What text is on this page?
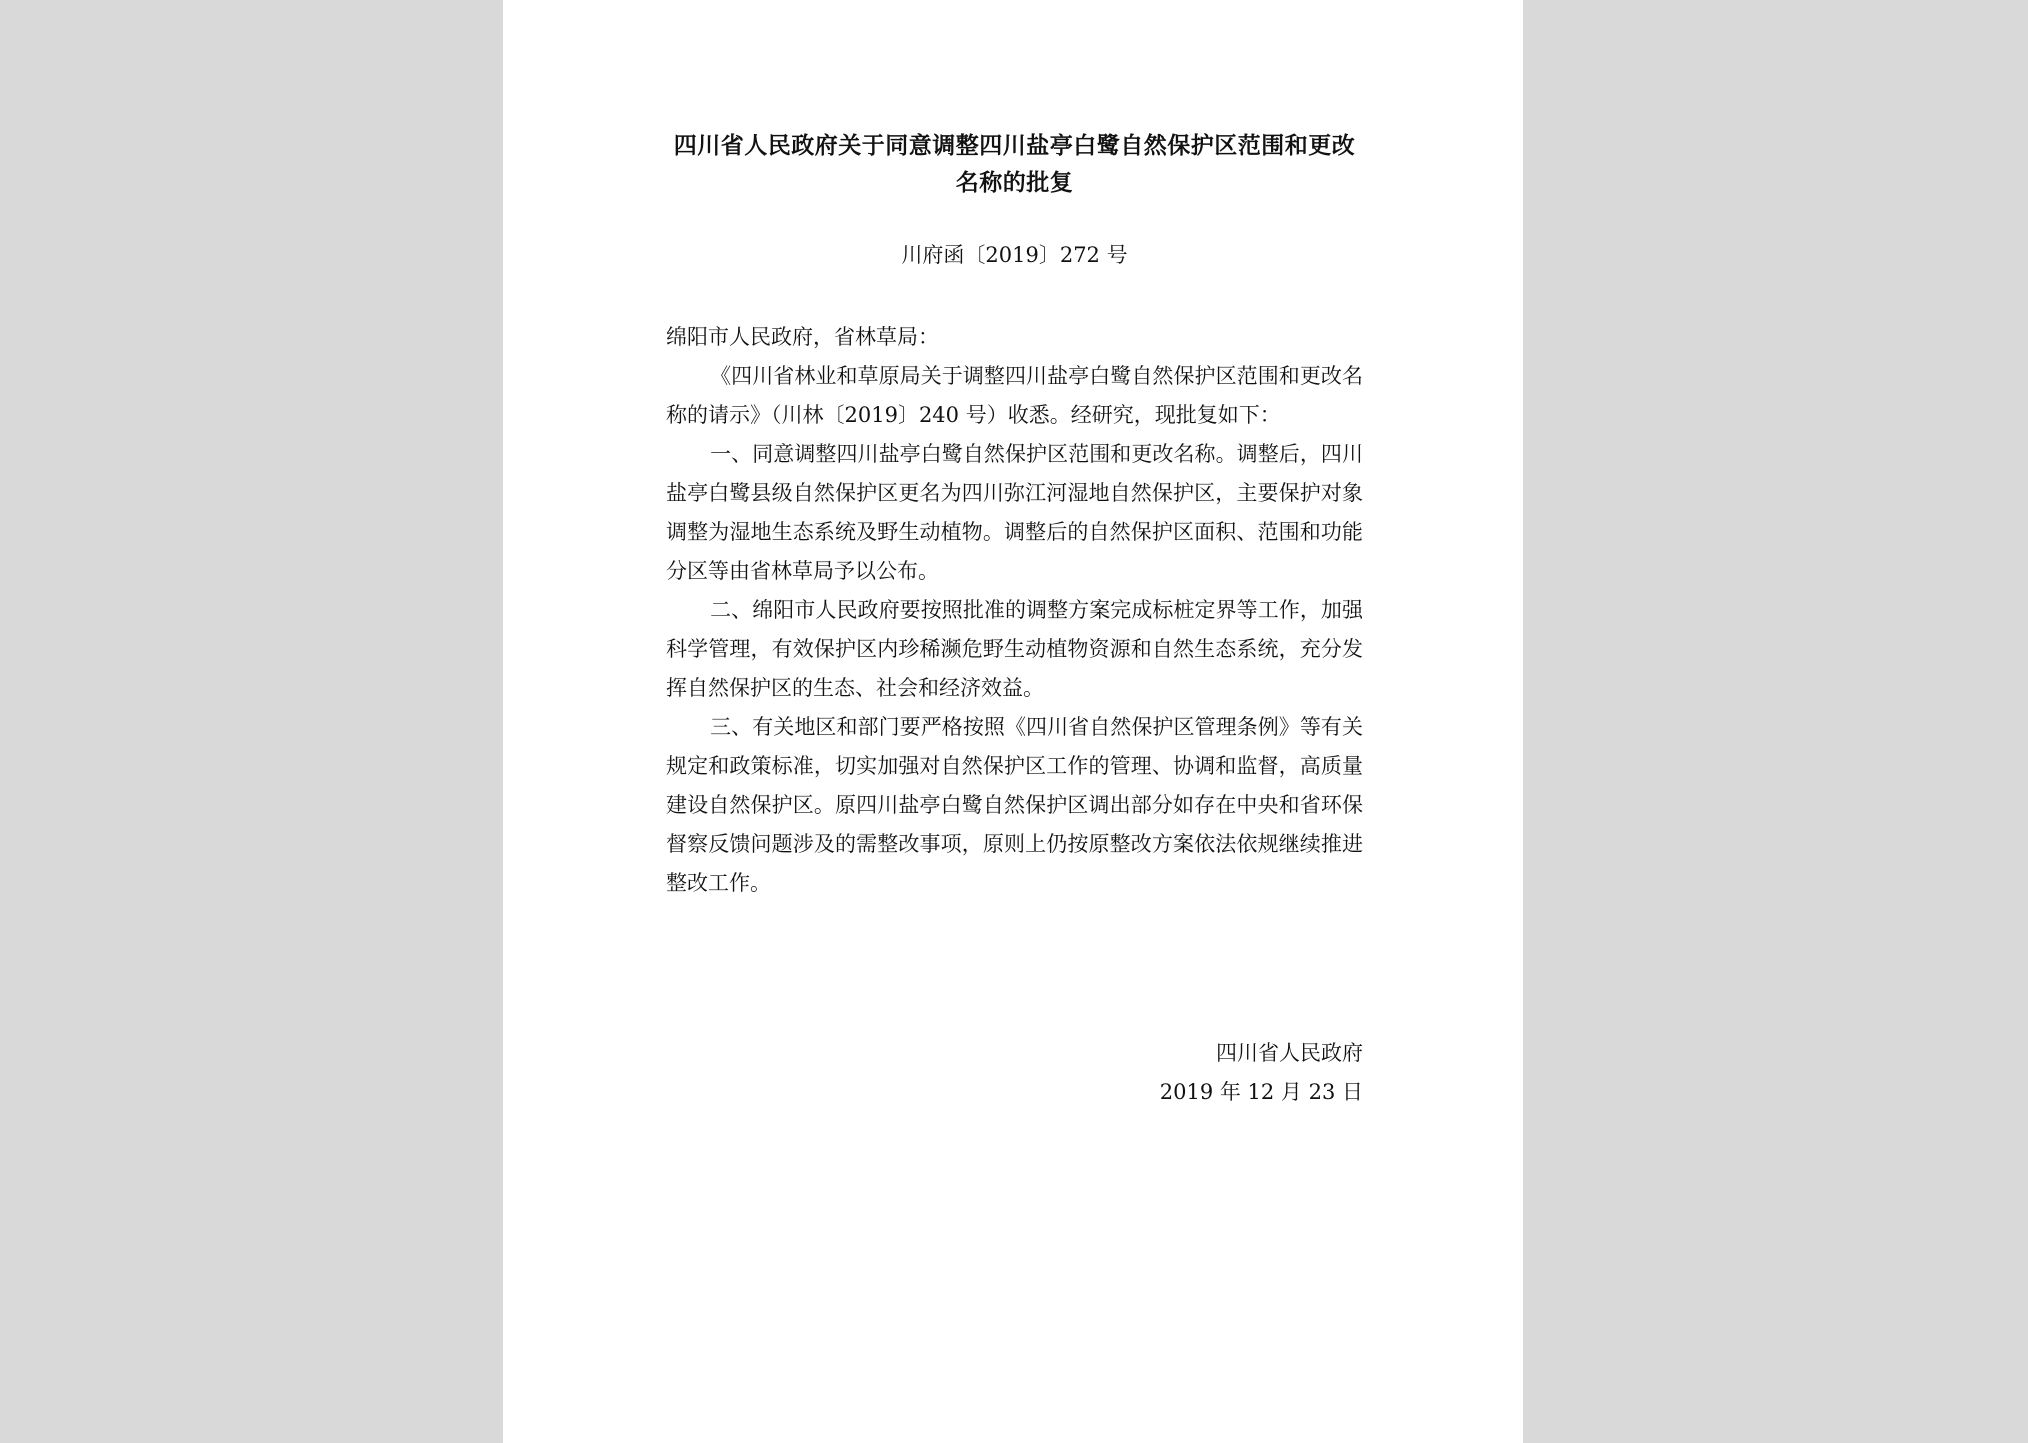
四川省人民政府关于同意调整四川盐亭白鹭自然保护区范围和更改
名称的批复
川府函〔2019〕272 号
绵阳市人民政府，省林草局：

《四川省林业和草原局关于调整四川盐亭白鹭自然保护区范围和更改名称的请示》（川林〔2019〕240 号）收悉。经研究，现批复如下：

一、同意调整四川盐亭白鹭自然保护区范围和更改名称。调整后，四川盐亭白鹭县级自然保护区更名为四川弥江河湿地自然保护区，主要保护对象调整为湿地生态系统及野生动植物。调整后的自然保护区面积、范围和功能分区等由省林草局予以公布。

二、绵阳市人民政府要按照批准的调整方案完成标桩定界等工作，加强科学管理，有效保护区内珍稀濒危野生动植物资源和自然生态系统，充分发挥自然保护区的生态、社会和经济效益。

三、有关地区和部门要严格按照《四川省自然保护区管理条例》等有关规定和政策标准，切实加强对自然保护区工作的管理、协调和监督，高质量建设自然保护区。原四川盐亭白鹭自然保护区调出部分如存在中央和省环保督察反馈问题涉及的需整改事项，原则上仍按原整改方案依法依规继续推进整改工作。

四川省人民政府
2019 年 12 月 23 日
